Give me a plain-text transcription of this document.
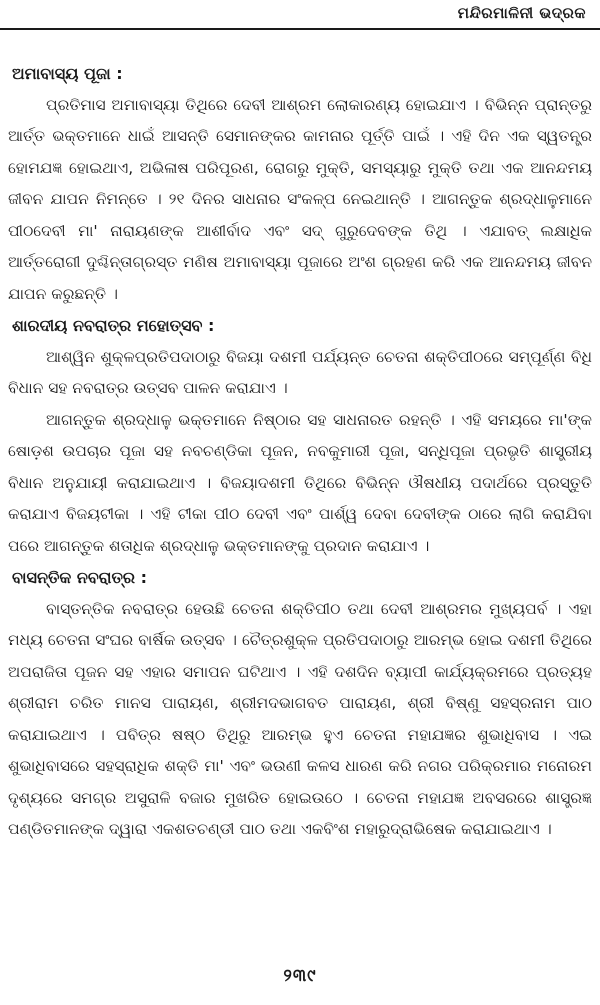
ମନ୍ଦିରମାଳିନୀ ଭଦ୍ରକ
ଅମାବାସ୍ୟ ପୂଜା :

ପ୍ରତିମାସ ଅମାବାସ୍ୟା ତିଥିରେ ଦେବୀ ଆଶ୍ରମ ଲୋକାରଣ୍ୟ ହୋଇଯାଏ । ବିଭିନ୍ନ ପ୍ରାନ୍ତରୁ ଆର୍ତ୍ତ ଭକ୍ତମାନେ ଧାଇଁ ଆସନ୍ତି ସେମାନଙ୍କର କାମନାର ପୂର୍ତ୍ତି ପାଇଁ । ଏହି ଦିନ ଏକ ସ୍ୱତନ୍ତ୍ର ହୋମଯଜ୍ଞ ହୋଇଥାଏ, ଅଭିଳାଷ ପରିପୂରଣ, ରୋଗରୁ ମୁକ୍ତି, ସମସ୍ୟାରୁ ମୁକ୍ତି ତଥା ଏକ ଆନନ୍ଦମୟ ଜୀବନ ଯାପନ ନିମନ୍ତେ । ୨୧ ଦିନର ସାଧନାର ସଂକଳ୍ପ ନେଇଥାନ୍ତି । ଆଗନ୍ତୁକ ଶ୍ରଦ୍ଧାଳୁମାନେ ପୀଠଦେବୀ ମା' ନାରାୟଣଙ୍କ ଆଶୀର୍ବାଦ ଏବଂ ସଦ୍ ଗୁରୁଦେବଙ୍କ ତିଥି । ଏଯାବତ୍ ଲକ୍ଷାଧିକ ଆର୍ତ୍ତରୋଗୀ ଦୁଶ୍ଚିନ୍ତାଗ୍ରସ୍ତ ମଣିଷ ଅମାବାସ୍ୟା ପୂଜାରେ ଅଂଶ ଗ୍ରହଣ କରି ଏକ ଆନନ୍ଦମୟ ଜୀବନ ଯାପନ କରୁଛନ୍ତି ।

ଶାରଦୀୟ ନବରାତ୍ର ମହୋତ୍ସବ :

ଆଶ୍ୱିନ ଶୁକ୍ଳପ୍ରତିପଦାଠାରୁ ବିଜୟା ଦଶମୀ ପର୍ଯ୍ୟନ୍ତ ଚେତନା ଶକ୍ତିପୀଠରେ ସମ୍ପୂର୍ଣ୍ଣ ବିଧି ବିଧାନ ସହ ନବରାତ୍ର ଉତ୍ସବ ପାଳନ କରାଯାଏ ।

ଆଗନ୍ତୁକ ଶ୍ରଦ୍ଧାଳୁ ଭକ୍ତମାନେ ନିଷ୍ଠାର ସହ ସାଧନାରତ ରହନ୍ତି । ଏହି ସମୟରେ ମା'ଙ୍କ ଷୋଡ଼ଶ ଉପଚାର ପୂଜା ସହ ନବଚଣ୍ଡିକା ପୂଜନ, ନବକୁମାରୀ ପୂଜା, ସନ୍ଧିପୂଜା ପ୍ରଭୃତି ଶାସ୍ତ୍ରୀୟ ବିଧାନ ଅନୁଯାୟୀ କରାଯାଇଥାଏ । ବିଜୟାଦଶମୀ ତିଥିରେ ବିଭିନ୍ନ ଔଷଧୀୟ ପଦାର୍ଥରେ ପ୍ରସ୍ତୁତି କରାଯାଏ ବିଜୟଟୀକା । ଏହି ଟୀକା ପୀଠ ଦେବୀ ଏବଂ ପାର୍ଶ୍ୱ ଦେବା ଦେବୀଙ୍କ ଠାରେ ଲାଗି କରାଯିବା ପରେ ଆଗନ୍ତୁକ ଶତାଧିକ ଶ୍ରଦ୍ଧାଳୁ ଭକ୍ତମାନଙ୍କୁ ପ୍ରଦାନ କରାଯାଏ ।

ବାସନ୍ତିକ ନବରାତ୍ର :

ବାସ୍ତନ୍ତିକ ନବରାତ୍ର ହେଉଛି ଚେତନା ଶକ୍ତିପୀଠ ତଥା ଦେବୀ ଆଶ୍ରମର ମୁଖ୍ୟପର୍ବ । ଏହା ମଧ୍ୟ ଚେତନା ସଂଘର ବାର୍ଷିକ ଉତ୍ସବ । ଚୈତ୍ରଶୁକ୍ଳ ପ୍ରତିପଦାଠାରୁ ଆରମ୍ଭ ହୋଇ ଦଶମୀ ତିଥିରେ ଅପରାଜିତା ପୂଜନ ସହ ଏହାର ସମାପନ ଘଟିଥାଏ । ଏହି ଦଶଦିନ ବ୍ୟାପୀ କାର୍ଯ୍ୟକ୍ରମରେ ପ୍ରତ୍ୟହ ଶ୍ରୀରାମ ଚରିତ ମାନସ ପାରାୟଣ, ଶ୍ରୀମଦଭାଗବତ ପାରାୟଣ, ଶ୍ରୀ ବିଷ୍ଣୁ ସହସ୍ରନାମ ପାଠ କରାଯାଇଥାଏ । ପବିତ୍ର ଷଷ୍ଠ ତିଥିରୁ ଆରମ୍ଭ ହୁଏ ଚେତନା ମହାଯଜ୍ଞର ଶୁଭାଧିବାସ । ଏଇ ଶୁଭାଧିବାସରେ ସହସ୍ରାଧିକ ଶକ୍ତି ମା' ଏବଂ ଭଉଣୀ କଳସ ଧାରଣ କରି ନଗର ପରିକ୍ରମାର ମନୋରମ ଦୃଶ୍ୟରେ ସମଗ୍ର ଅସୁରାଳି ବଜାର ମୁଖରିତ ହୋଇଉଠେ । ଚେତନା ମହାଯଜ୍ଞ ଅବସରରେ ଶାସ୍ତ୍ରଜ୍ଞ ପଣ୍ଡିତମାନଙ୍କ ଦ୍ୱାରା ଏକଶତଚଣ୍ଡୀ ପାଠ ତଥା ଏକବିଂଶ ମହାରୁଦ୍ରାଭିଷେକ କରାଯାଇଥାଏ ।

୨୩୯
